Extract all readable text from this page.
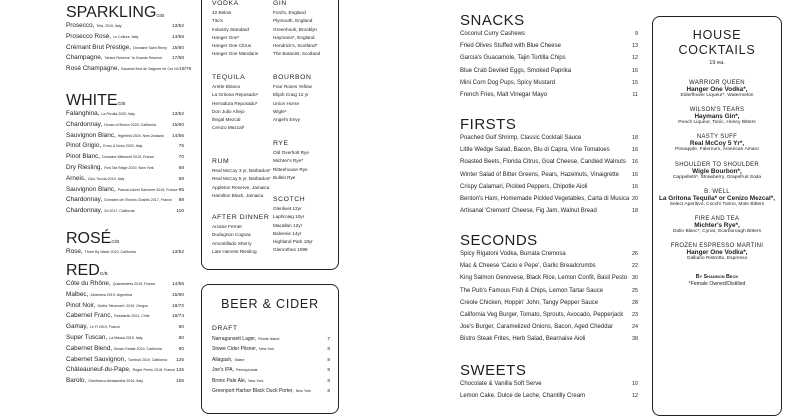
SPARKLINGG/B
Prosecco, Tela, 2019, Italy	13/52
Prosecco Rosé, Le Colture, Italy	14/56
Crémant Brut Prestige, Domaine Saint Remy 15/60
Champagne, Tarlant Reserve "la Grande Reserve 17/68
Rosé Champagne, Bauchet Brut de Saignee Ier Cru NV 19/76
WHITEG/B
Falanghina, La Rivolta 2020, Italy	13/52
Chardonnay, House of Brown 2020, California	15/60
Sauvignon Blanc, Highfield 2020, New Zealand 14/56
Pinot Grigio, Ermo & Nono 2020, Italy	76
Pinot Blanc, Domaine Mittnacht 2019, France	70
Dry Riesling, Red Tail Ridge 2019, New York	68
Arneis, Cino Tuccia 2019, Italy	68
Sauvignon Blanc, Pascal Jolivet Sancerre 2019, France 95
Chardonnay, Domaine de l'Enclos Chablis 2017, France 88
Chardonnay, Zd 2017, California	110
ROSÉG/B
Rose, Three By Wade 2019, California	13/52
REDG/B
Côte du Rhône, Quanvestres 2019, France	14/56
Malbec, Alhambra 2019, Argentina	15/60
Pinot Noir, Gotha 'Neumoen' 2019, Oregon	18/72
Cabernet Franc, Roselartie 2021, Chile	18/74
Gamay, Le Fi 2019, France	60
Super Tuscan, La Massa 2019, Italy	80
Cabernet Blend, Brown Estate 2019, California	90
Cabernet Sauvignon, Turnbull 2019, California 125
Châteauneuf-du-Pape, Roger Perrin 2018, France 125
Barolo, Gianfranco Alessandria 2016, Italy	155
VODKA
42 Below
Tito's
Industry Standard
Hanger One*
Hanger One Citrus
Hanger One Mandarin
TEQUILA
Arette Blanco
La Gritona Reposado*
Herradura Reposado*
Don Julio Añejo
Illegal Mezcal
Cenizo Mezcal*
RUM
Real McCoy 3 yr, Barbados*
Real McCoy 5 yr, Barbados*
Appleton Reserve, Jamaica
Hamilton Black, Jamaica
AFTER DINNER
Arcane Fernet
Dudognon Cognac
Amontillado Sherry
Late Harvest Riesling
GIN
Ford's, England
Plymouth, England
Greenhook, Brooklyn
Haymans*, England
Hendrick's, Scotland*
The Botanist, Scotland
BOURBON
Four Roses Yellow
Elijah Craig 12 yr
Union Horse
Wigle*
Angel's Envy
RYE
Old Overholt Rye
Michter's Rye*
Rittenhouse Rye
Bulleit Rye
SCOTCH
Glenlivet 12yr
Laphroaig 10yr
Macallan 12yr
Balvenie 14yr
Highland Park 18yr
Glenrothes 1998
BEER & CIDER
DRAFT
Narragansett Lager, Rhode Island	7
Stowe Cider Pilsner, New York	8
Allagash, Maine	8
Joe's IPA, Pennsylvania	8
Bronx Pale Ale, New York	8
Greenport Harbor Black Duck Porter, New York	8
SNACKS
Coconut Curry Cashews	9
Fried Olives Stuffed with Blue Cheese	13
Garcia's Guacamole, Tajin Tortilla Chips	12
Blue Crab Deviled Eggs, Smoked Paprika	16
Mini Corn Dog Pups, Spicy Mustard	15
French Fries, Malt Vinegar Mayo	11
FIRSTS
Poached Gulf Shrimp, Classic Cocktail Sauce	18
Little Wedge Salad, Bacon, Blu di Capra, Vine Tomatoes	16
Roasted Beets, Florida Citrus, Goat Cheese, Candied Walnuts 16
Winter Salad of Bitter Greens, Pears, Hazelnuts, Vinaigrette 16
Crispy Calamari, Pickled Peppers, Chipotle Aioli	16
Benton's Ham, Homemade Pickled Vegetables, Carta di Musica 20
Artisanal 'Cremont' Cheese, Fig Jam, Walnut Bread	18
SECONDS
Spicy Rigatoni Vodka, Burrata Cremosa	26
Mac & Cheese 'Cacio e Pepe', Garlic Breadcrumbs	22
King Salmon Genovese, Black Rice, Lemon Confit, Basil Pesto 30
The Pub's Famous Fish & Chips, Lemon Tartar Sauce	25
Creole Chicken, Hoppin' John, Tangy Pepper Sauce	28
California Veg Burger, Tomato, Sprouts, Avocado, Pepperjack 23
Joe's Burger, Caramelized Onions, Bacon, Aged Cheddar	24
Bistro Steak Frites, Herb Salad, Bearnaise Aioli	38
SWEETS
Chocolate & Vanilla Soft Serve	10
Lemon Cake, Dulce de Leche, Chantilly Cream	12
HOUSE
COCKTAILS
19 ea.
WARRIOR QUEEN
Hanger One Vodka*,
Elderflower Liqueur*, Watermelon
WILSON'S TEARS
Haymans Gin*,
Peach Liqueur, Tonic, Honey Bitters
NASTY SUFF
Real McCoy 5 Yr*,
Pineapple, Falernum, American Amaro
SHOULDER TO SHOULDER
Wigle Bourbon*,
Cappelletti*, Strawberry, Grapefruit Soda
B. WELL
La Gritona Tequila* or Cenizo Mezcal*,
Select Aperitivo, Cocchi Torino, Mole Bitters
FIRE AND TEA
Michter's Rye*,
Dolin Blanc*, Cynar, Scarborough Bitters
FROZEN ESPRESSO MARTINI
Hanger One Vodka*,
Galliano Ristretto, Espresso
By Shannon Beck
*Female Owned/Distilled
